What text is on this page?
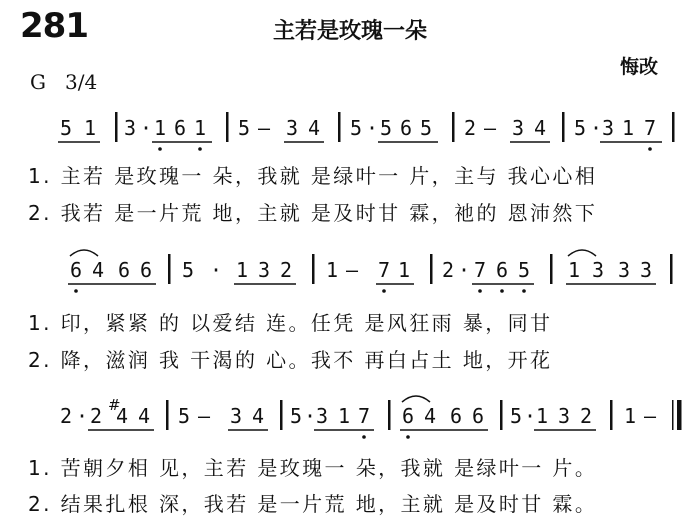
281	主若是玫瑰一朵
悔改
G   3/4
5 1 3 · 1 6 1 5 — 3 4 5 · 5 6 5 2 — 3 4 5 · 3 1 7
1. 主若 是玫瑰一 朵，我就 是绿叶一 片，主与 我心心相
2. 我若 是一片荒 地，主就 是及时甘 霖，祂的 恩沛然下
6 4 6 6 5 · 1 3 2 1 — 7 1 2 · 7 6 5 1 3 3 3
1. 印，紧紧 的 以爱结 连。任凭 是风狂雨 暴，同甘
2. 降，滋润 我 干渴的 心。我不 再白占土 地，开花
2 · 2 #
4 4 5 — 3 4 5 · 3 1 7 6 4 6 6 5 · 1 3 2 1 —
1. 苦朝夕相 见，主若 是玫瑰一 朵，我就 是绿叶一 片。
2. 结果扎根 深，我若 是一片荒 地，主就 是及时甘 霖。
